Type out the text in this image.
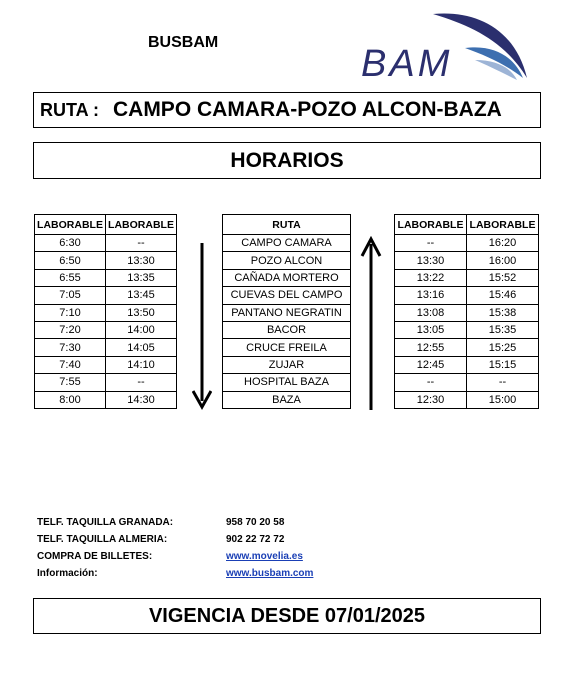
BUSBAM
BAM
RUTA : CAMPO CAMARA-POZO ALCON-BAZA
HORARIOS
LABORABLE	LABORABLE
6:30	--
6:50	13:30
6:55	13:35
7:05	13:45
7:10	13:50
7:20	14:00
7:30	14:05
7:40	14:10
7:55	--
8:00	14:30
RUTA
CAMPO CAMARA
POZO ALCON
CAÑADA MORTERO
CUEVAS DEL CAMPO
PANTANO NEGRATIN
BACOR
CRUCE FREILA
ZUJAR
HOSPITAL BAZA
BAZA
LABORABLE	LABORABLE
--	16:20
13:30	16:00
13:22	15:52
13:16	15:46
13:08	15:38
13:05	15:35
12:55	15:25
12:45	15:15
--	--
12:30	15:00
TELF. TAQUILLA GRANADA:	958 70 20 58
TELF. TAQUILLA ALMERIA:	902 22 72 72
COMPRA DE BILLETES:	www.movelia.es
Información:	www.busbam.com
VIGENCIA DESDE 07/01/2025
